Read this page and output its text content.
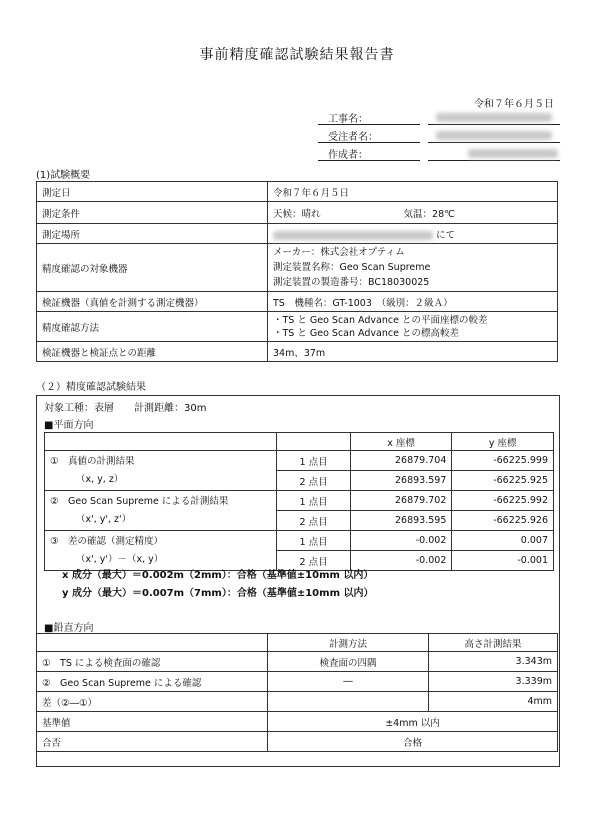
事前精度確認試験結果報告書
令和７年６月５日
工事名：
受注者名：
作成者：
(1)試験概要
測定日	令和７年６月５日
測定条件	天候：晴れ 気温：28℃
測定場所	にて
精度確認の対象機器	メーカー：株式会社オプティム
測定装置名称：Geo Scan Supreme
測定装置の製造番号：BC18030025

検証機器（真値を計測する測定機器）	TS　機種名：GT-1003　（級別：２級Ａ）
精度確認方法	・TS と Geo Scan Advance との平面座標の較差
・TS と Geo Scan Advance との標高較差

検証機器と検証点との距離	34m、37m
（２）精度確認試験結果
対象工種：表層　　計測距離：30m
■平面方向
		x 座標	y 座標

①　真値の計測結果
（x, y, z）	1 点目	26879.704	-66225.999
	2 点目	26893.597	-66225.925

②　Geo Scan Supreme による計測結果
（x', y', z'）	1 点目	26879.702	-66225.992
	2 点目	26893.595	-66225.926

③　差の確認（測定精度）
（x', y'）－（x, y）	1 点目	-0.002	0.007
	2 点目	-0.002	-0.001
x 成分（最大）＝0.002m（2mm）：合格（基準値±10mm 以内）
y 成分（最大）＝0.007m（7mm）：合格（基準値±10mm 以内）
■鉛直方向
	計測方法	高さ計測結果
①　TS による検査面の確認	検査面の四隅	3.343m
②　Geo Scan Supreme による確認	―	3.339m
差（②―①）		4mm
基準値	±4mm 以内	
合否	合格	
